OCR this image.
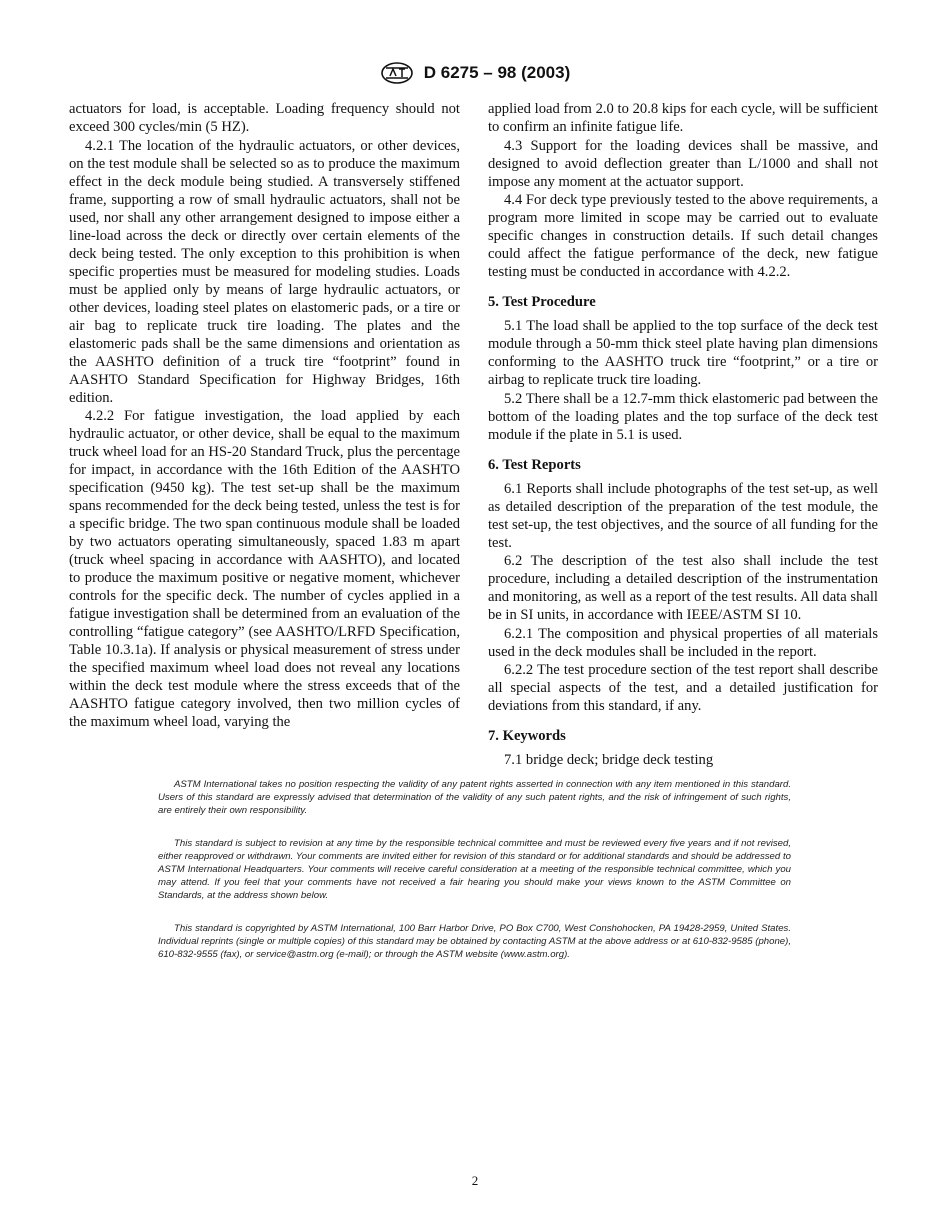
D 6275 – 98 (2003)

actuators for load, is acceptable. Loading frequency should not exceed 300 cycles/min (5 HZ).

4.2.1 The location of the hydraulic actuators, or other devices, on the test module shall be selected so as to produce the maximum effect in the deck module being studied. A transversely stiffened frame, supporting a row of small hydraulic actuators, shall not be used, nor shall any other arrangement designed to impose either a line-load across the deck or directly over certain elements of the deck being tested. The only exception to this prohibition is when specific properties must be measured for modeling studies. Loads must be applied only by means of large hydraulic actuators, or other devices, loading steel plates on elastomeric pads, or a tire or air bag to replicate truck tire loading. The plates and the elastomeric pads shall be the same dimensions and orientation as the AASHTO definition of a truck tire “footprint” found in AASHTO Standard Specification for Highway Bridges, 16th edition.

4.2.2 For fatigue investigation, the load applied by each hydraulic actuator, or other device, shall be equal to the maximum truck wheel load for an HS-20 Standard Truck, plus the percentage for impact, in accordance with the 16th Edition of the AASHTO specification (9450 kg). The test set-up shall be the maximum spans recommended for the deck being tested, unless the test is for a specific bridge. The two span continuous module shall be loaded by two actuators operating simultaneously, spaced 1.83 m apart (truck wheel spacing in accordance with AASHTO), and located to produce the maximum positive or negative moment, whichever controls for the specific deck. The number of cycles applied in a fatigue investigation shall be determined from an evaluation of the controlling “fatigue category” (see AASHTO/LRFD Specification, Table 10.3.1a). If analysis or physical measurement of stress under the specified maximum wheel load does not reveal any locations within the deck test module where the stress exceeds that of the AASHTO fatigue category involved, then two million cycles of the maximum wheel load, varying the

applied load from 2.0 to 20.8 kips for each cycle, will be sufficient to confirm an infinite fatigue life.

4.3 Support for the loading devices shall be massive, and designed to avoid deflection greater than L/1000 and shall not impose any moment at the actuator support.

4.4 For deck type previously tested to the above requirements, a program more limited in scope may be carried out to evaluate specific changes in construction details. If such detail changes could affect the fatigue performance of the deck, new fatigue testing must be conducted in accordance with 4.2.2.

5. Test Procedure

5.1 The load shall be applied to the top surface of the deck test module through a 50-mm thick steel plate having plan dimensions conforming to the AASHTO truck tire “footprint,” or a tire or airbag to replicate truck tire loading.

5.2 There shall be a 12.7-mm thick elastomeric pad between the bottom of the loading plates and the top surface of the deck test module if the plate in 5.1 is used.

6. Test Reports

6.1 Reports shall include photographs of the test set-up, as well as detailed description of the preparation of the test module, the test set-up, the test objectives, and the source of all funding for the test.

6.2 The description of the test also shall include the test procedure, including a detailed description of the instrumentation and monitoring, as well as a report of the test results. All data shall be in SI units, in accordance with IEEE/ASTM SI 10.

6.2.1 The composition and physical properties of all materials used in the deck modules shall be included in the report.

6.2.2 The test procedure section of the test report shall describe all special aspects of the test, and a detailed justification for deviations from this standard, if any.

7. Keywords

7.1 bridge deck; bridge deck testing

ASTM International takes no position respecting the validity of any patent rights asserted in connection with any item mentioned in this standard. Users of this standard are expressly advised that determination of the validity of any such patent rights, and the risk of infringement of such rights, are entirely their own responsibility.

This standard is subject to revision at any time by the responsible technical committee and must be reviewed every five years and if not revised, either reapproved or withdrawn. Your comments are invited either for revision of this standard or for additional standards and should be addressed to ASTM International Headquarters. Your comments will receive careful consideration at a meeting of the responsible technical committee, which you may attend. If you feel that your comments have not received a fair hearing you should make your views known to the ASTM Committee on Standards, at the address shown below.

This standard is copyrighted by ASTM International, 100 Barr Harbor Drive, PO Box C700, West Conshohocken, PA 19428-2959, United States. Individual reprints (single or multiple copies) of this standard may be obtained by contacting ASTM at the above address or at 610-832-9585 (phone), 610-832-9555 (fax), or service@astm.org (e-mail); or through the ASTM website (www.astm.org).

2
